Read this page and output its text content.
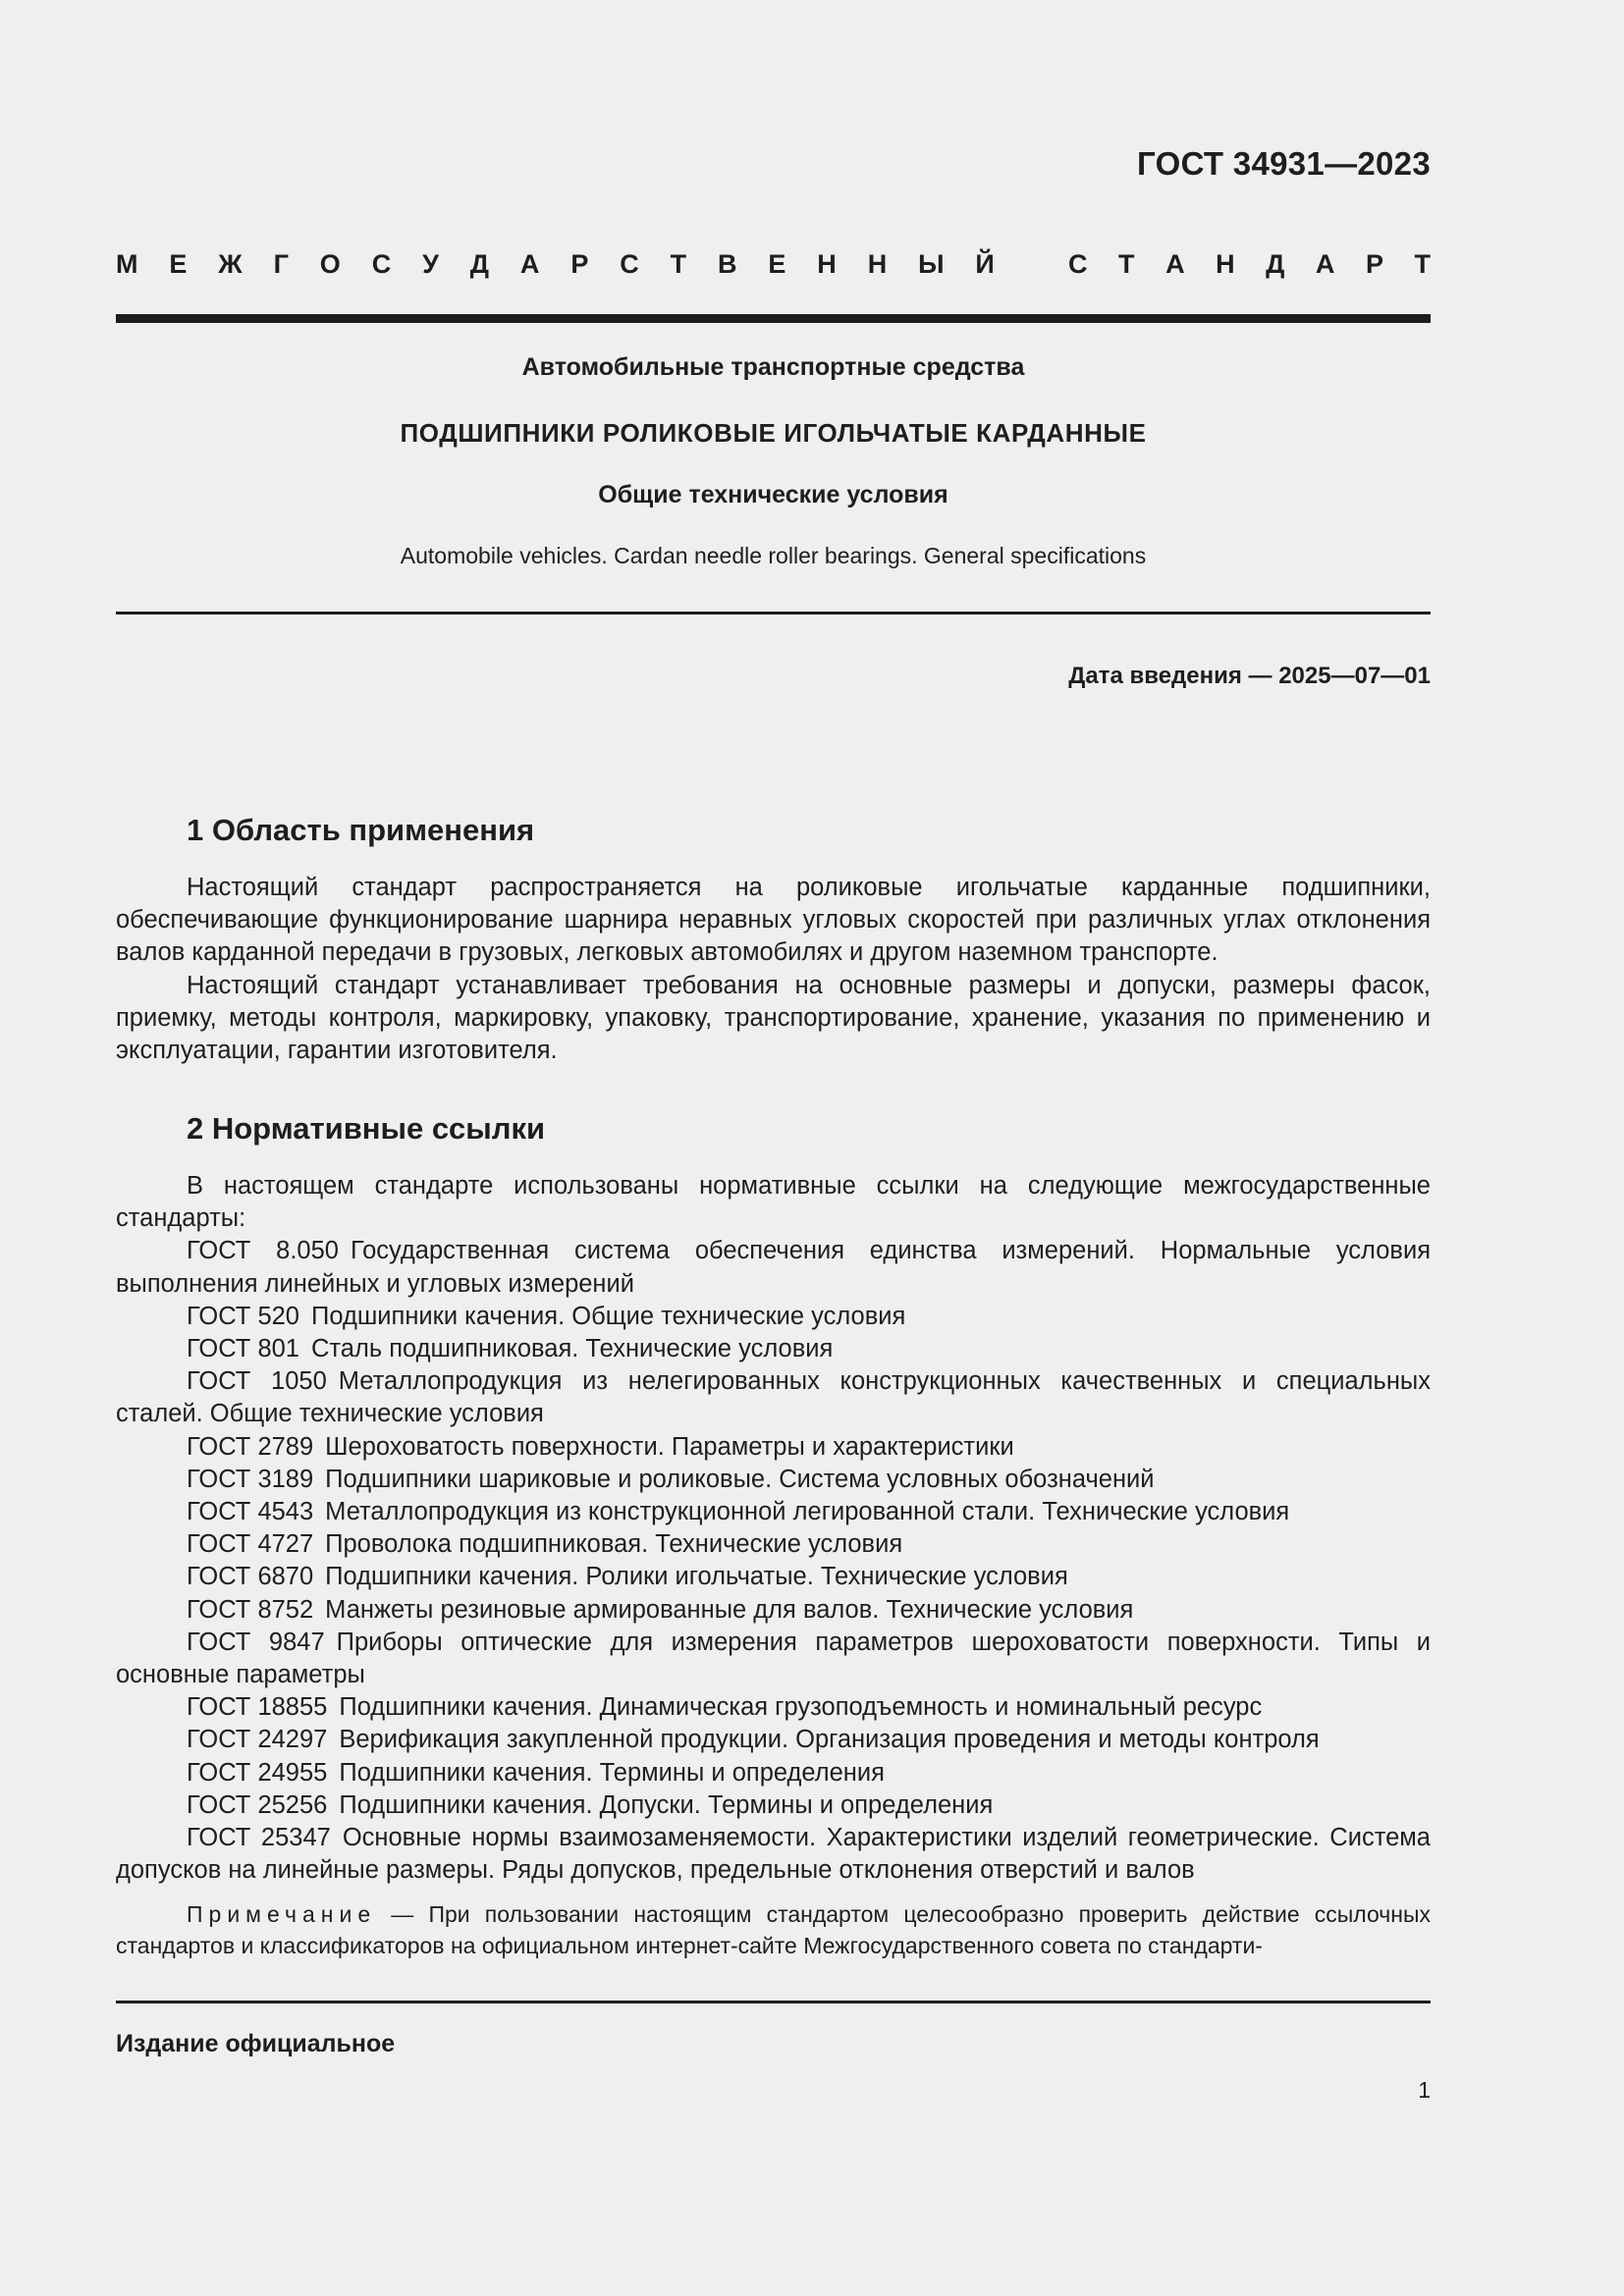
ГОСТ 34931—2023
М Е Ж Г О С У Д А Р С Т В Е Н Н Ы Й	С Т А Н Д А Р Т
Автомобильные транспортные средства
ПОДШИПНИКИ РОЛИКОВЫЕ ИГОЛЬЧАТЫЕ КАРДАННЫЕ
Общие технические условия
Automobile vehicles. Cardan needle roller bearings. General specifications
Дата введения — 2025—07—01
1 Область применения

Настоящий стандарт распространяется на роликовые игольчатые карданные подшипники, обеспечивающие функционирование шарнира неравных угловых скоростей при различных углах отклонения валов карданной передачи в грузовых, легковых автомобилях и другом наземном транспорте.

Настоящий стандарт устанавливает требования на основные размеры и допуски, размеры фасок, приемку, методы контроля, маркировку, упаковку, транспортирование, хранение, указания по применению и эксплуатации, гарантии изготовителя.

2 Нормативные ссылки

В настоящем стандарте использованы нормативные ссылки на следующие межгосударственные стандарты:

ГОСТ 8.050 Государственная система обеспечения единства измерений. Нормальные условия выполнения линейных и угловых измерений

ГОСТ 520 Подшипники качения. Общие технические условия

ГОСТ 801 Сталь подшипниковая. Технические условия

ГОСТ 1050 Металлопродукция из нелегированных конструкционных качественных и специальных сталей. Общие технические условия

ГОСТ 2789 Шероховатость поверхности. Параметры и характеристики

ГОСТ 3189 Подшипники шариковые и роликовые. Система условных обозначений

ГОСТ 4543 Металлопродукция из конструкционной легированной стали. Технические условия

ГОСТ 4727 Проволока подшипниковая. Технические условия

ГОСТ 6870 Подшипники качения. Ролики игольчатые. Технические условия

ГОСТ 8752 Манжеты резиновые армированные для валов. Технические условия

ГОСТ 9847 Приборы оптические для измерения параметров шероховатости поверхности. Типы и основные параметры

ГОСТ 18855 Подшипники качения. Динамическая грузоподъемность и номинальный ресурс

ГОСТ 24297 Верификация закупленной продукции. Организация проведения и методы контроля

ГОСТ 24955 Подшипники качения. Термины и определения

ГОСТ 25256 Подшипники качения. Допуски. Термины и определения

ГОСТ 25347 Основные нормы взаимозаменяемости. Характеристики изделий геометрические. Система допусков на линейные размеры. Ряды допусков, предельные отклонения отверстий и валов

Примечание — При пользовании настоящим стандартом целесообразно проверить действие ссылочных стандартов и классификаторов на официальном интернет-сайте Межгосударственного совета по стандарти-

Издание официальное
1
